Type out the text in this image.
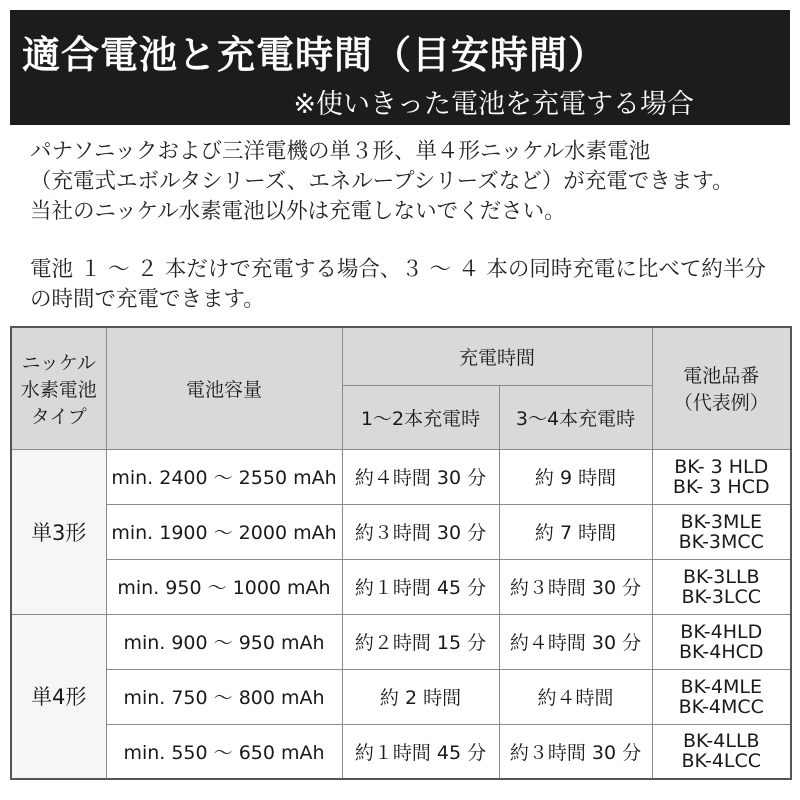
適合電池と充電時間（目安時間）
※使いきった電池を充電する場合
パナソニックおよび三洋電機の単３形、単４形ニッケル水素電池
（充電式エボルタシリーズ、エネループシリーズなど）が充電できます。
当社のニッケル水素電池以外は充電しないでください。
電池 １ ～ ２ 本だけで充電する場合、３ ～ ４ 本の同時充電に比べて約半分
の時間で充電できます。
ニッケル
水素電池
タイプ	電池容量	充電時間		電池品番
（代表例）

		1～2本充電時	3～4本充電時	
単3形	min. 2400 ～ 2550 mAh	約４時間 30 分	約 9 時間	BK- 3 HLD
BK- 3 HCD

	min. 1900 ～ 2000 mAh	約３時間 30 分	約 7 時間	BK-3MLE
BK-3MCC

	min. 950 ～ 1000 mAh	約１時間 45 分	約３時間 30 分	BK-3LLB
BK-3LCC

単4形	min. 900 ～ 950 mAh	約２時間 15 分	約４時間 30 分	BK-4HLD
BK-4HCD

	min. 750 ～ 800 mAh	約 2 時間	約４時間	BK-4MLE
BK-4MCC

	min. 550 ～ 650 mAh	約１時間 45 分	約３時間 30 分	BK-4LLB
BK-4LCC
